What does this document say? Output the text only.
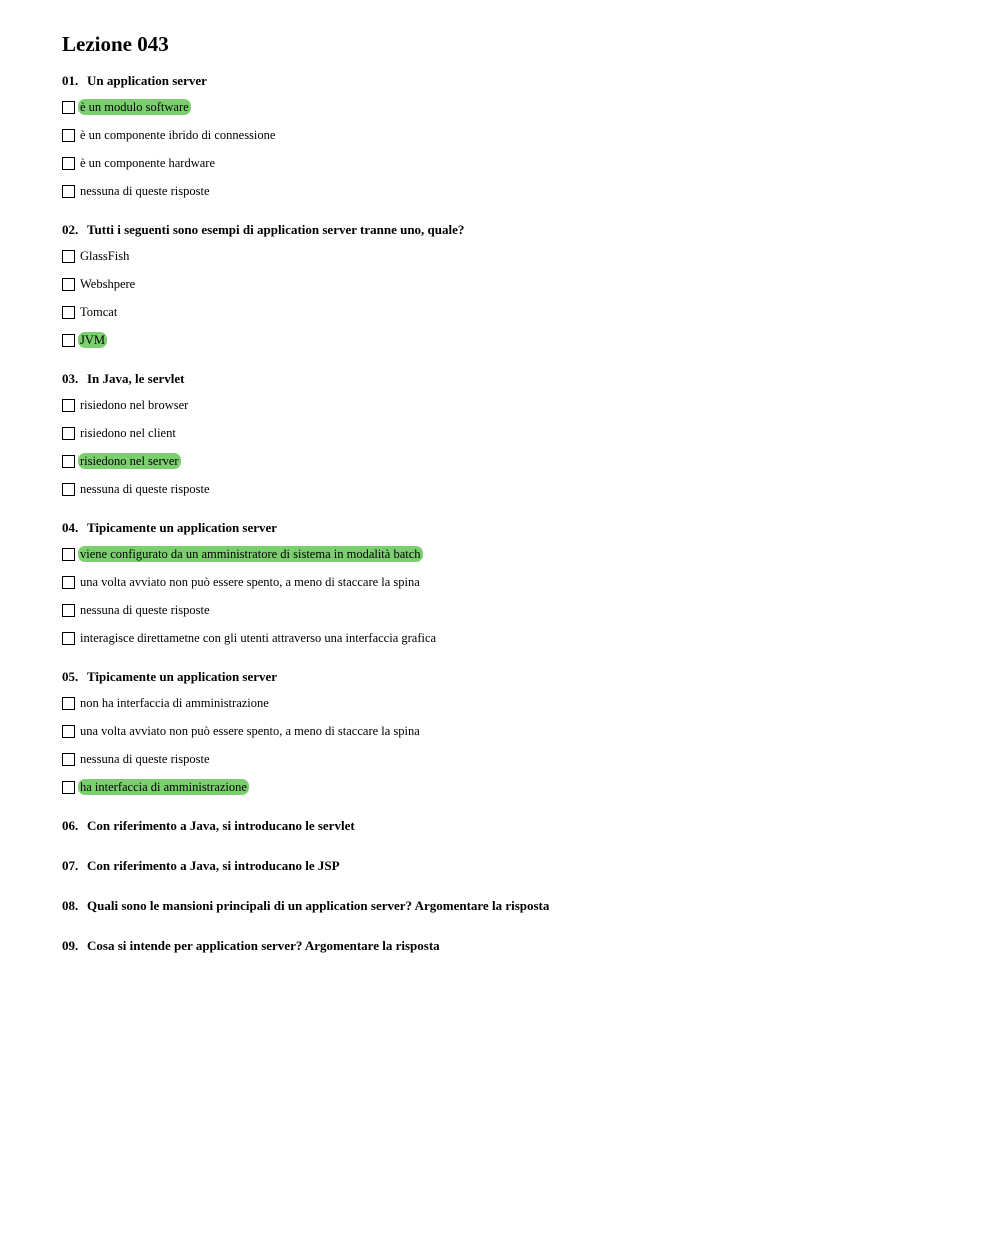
Lezione 043
01. Un application server
è un modulo software
è un componente ibrido di connessione
è un componente hardware
nessuna di queste risposte
02. Tutti i seguenti sono esempi di application server tranne uno, quale?
GlassFish
Webshpere
Tomcat
JVM
03. In Java, le servlet
risiedono nel browser
risiedono nel client
risiedono nel server
nessuna di queste risposte
04. Tipicamente un application server
viene configurato da un amministratore di sistema in modalità batch
una volta avviato non può essere spento, a meno di staccare la spina
nessuna di queste risposte
interagisce direttametne con gli utenti attraverso una interfaccia grafica
05. Tipicamente un application server
non ha interfaccia di amministrazione
una volta avviato non può essere spento, a meno di staccare la spina
nessuna di queste risposte
ha interfaccia di amministrazione
06. Con riferimento a Java, si introducano le servlet
07. Con riferimento a Java, si introducano le JSP
08. Quali sono le mansioni principali di un application server? Argomentare la risposta
09. Cosa si intende per application server? Argomentare la risposta
